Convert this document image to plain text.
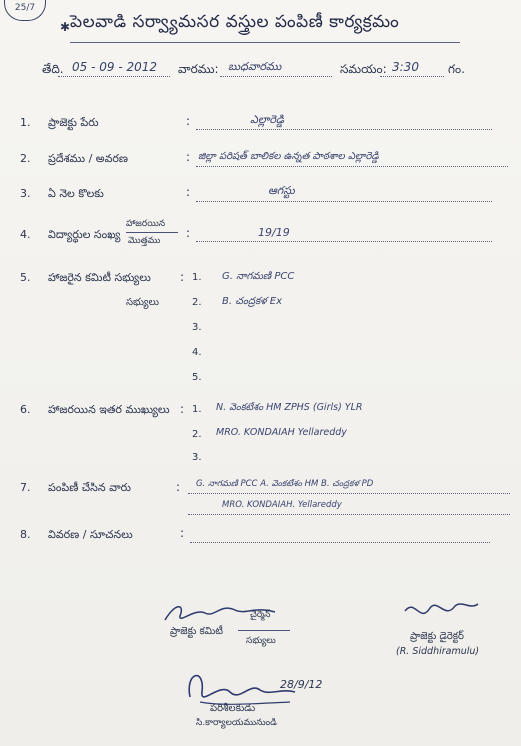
25/7
✱ పెలవాడి సర్వ్యామసర వస్త్రుల పంపిణీ కార్యక్రమం
తేది. 05 - 09 - 2012 వారము: బుధవారము	సమయం: 3:30 గం.
1. ప్రాజెక్టు పేరు	:	ఎల్లారెడ్డి
2. ప్రదేశము / అవరణ	: జిల్లా పరిషత్ బాలికల ఉన్నత పాఠశాల ఎల్లారెడ్డి
3. ఏ నెల కొలకు	:	ఆగస్టు
4. విద్యార్థుల సంఖ్య
హాజరయిన
మొత్తము
:	19/19
5. హాజరైన కమిటీ సభ్యులు
సభ్యులు
: 1. G. నాగమణి PCC
2. B. చంద్రకళ Ex
3.
4.
5.
6. హాజరయిన ఇతర ముఖ్యులు : 1. N. వెంకటేశం HM ZPHS (Girls) YLR
2. MRO. KONDAIAH Yellareddy
3.
7. పంపిణీ చేసిన వారు	: G. నాగమణి PCC A. వెంకటేశం HM B. చంద్రకళ PD
MRO. KONDAIAH. Yellareddy
8. వివరణ / సూచనలు	:
చైర్మెన్
ప్రాజెక్టు కమిటీ
సభ్యులు	ప్రాజెక్టు డైరెక్టర్
(R. Siddhiramulu)
28/9/12
పరిశీలకుడు
సి.కార్యాలయమునుండి
